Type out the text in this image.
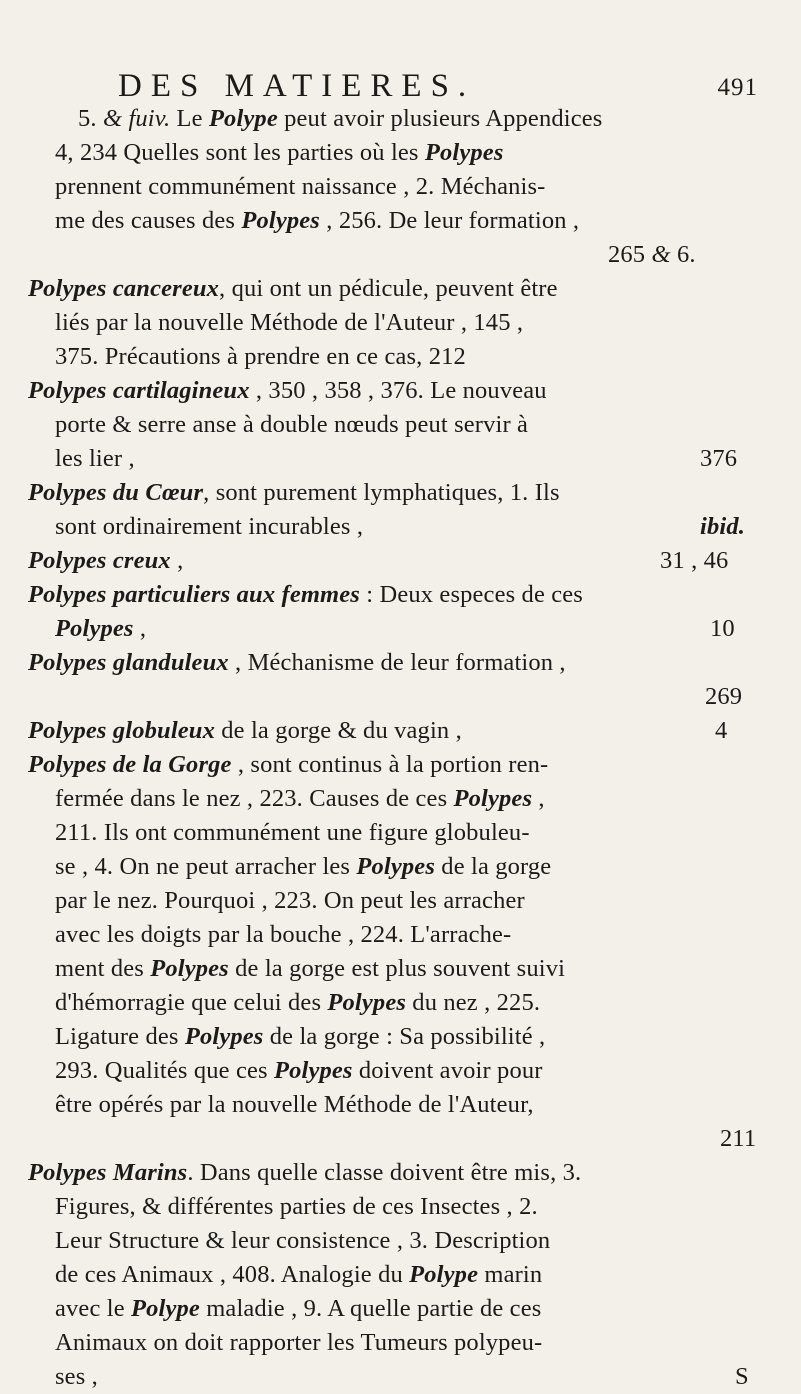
DES MATIERES.	491
5. & fuiv. Le Polype peut avoir plusieurs Appendices
4, 234 Quelles sont les parties où les Polypes
prennent communément naissance , 2. Méchanis-
me des causes des Polypes , 256. De leur formation ,
265 & 6.
Polypes cancereux, qui ont un pédicule, peuvent être
liés par la nouvelle Méthode de l'Auteur , 145 ,
375. Précautions à prendre en ce cas, 212
Polypes cartilagineux , 350 , 358 , 376. Le nouveau
porte & serre anse à double nœuds peut servir à
les lier ,	376
Polypes du Cœur, sont purement lymphatiques, 1. Ils
sont ordinairement incurables ,	ibid.
Polypes creux ,	31 , 46
Polypes particuliers aux femmes : Deux especes de ces
Polypes ,	10
Polypes glanduleux , Méchanisme de leur formation ,
269
Polypes globuleux de la gorge & du vagin ,	4
Polypes de la Gorge , sont continus à la portion ren-
fermée dans le nez , 223. Causes de ces Polypes ,
211. Ils ont communément une figure globuleu-
se , 4. On ne peut arracher les Polypes de la gorge
par le nez. Pourquoi , 223. On peut les arracher
avec les doigts par la bouche , 224. L'arrache-
ment des Polypes de la gorge est plus souvent suivi
d'hémorragie que celui des Polypes du nez , 225.
Ligature des Polypes de la gorge : Sa possibilité ,
293. Qualités que ces Polypes doivent avoir pour
être opérés par la nouvelle Méthode de l'Auteur,
211
Polypes Marins. Dans quelle classe doivent être mis, 3.
Figures, & différentes parties de ces Insectes , 2.
Leur Structure & leur consistence , 3. Description
de ces Animaux , 408. Analogie du Polype marin
avec le Polype maladie , 9. A quelle partie de ces
Animaux on doit rapporter les Tumeurs polypeu-
ses ,	S
